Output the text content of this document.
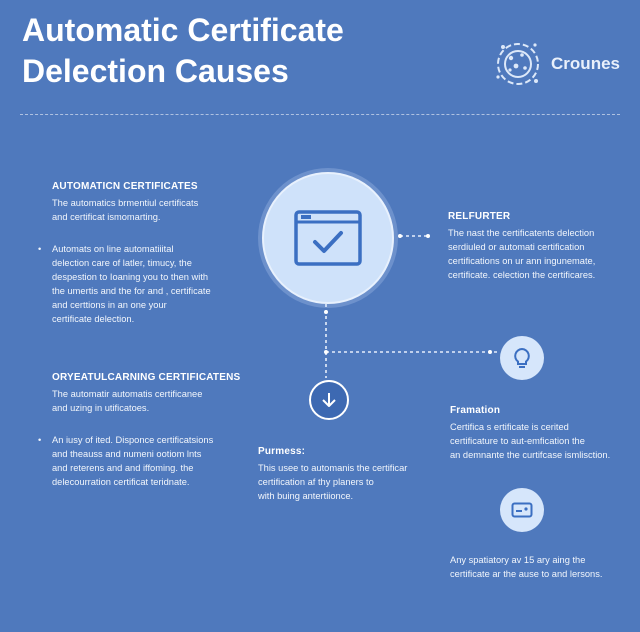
Automatic Certificate
Delection Causes	Crounes
AUTOMATICN CERTIFICATES
The automatics brmentiul certificats
and certificat ismomarting.
• Automats on line automatiiital
delection care of latler, timucy, the
despestion to Ioaning you to then with
the umertis and the for and , certificate
and certtions in an one your
certificate delection.
ORYEATULCARNING CERTIFICATENS
The automatir automatis certificanee
and uzing in utificatoes.
• An iusy of ited. Disponce certificatsions
and theauss and numeni ootiom lnts
and reterens and and iffoming. the
delecourration certificat teridnate.
RELFURTER
The nast the certificatents delection
serdiuled or automati certification
certifications on ur ann ingunemate,
certificate. celection the certificares.
Framation
Certifica s ertificate is cerited
certificature to aut-emfication the
an demnante the curtifcase ismlisction.
Purmess:
This usee to automanis the certificar
certification af thy planers to
with buing antertiionce.
Any spatiatory av 15 ary aing the
certificate ar the ause to and lersons.
